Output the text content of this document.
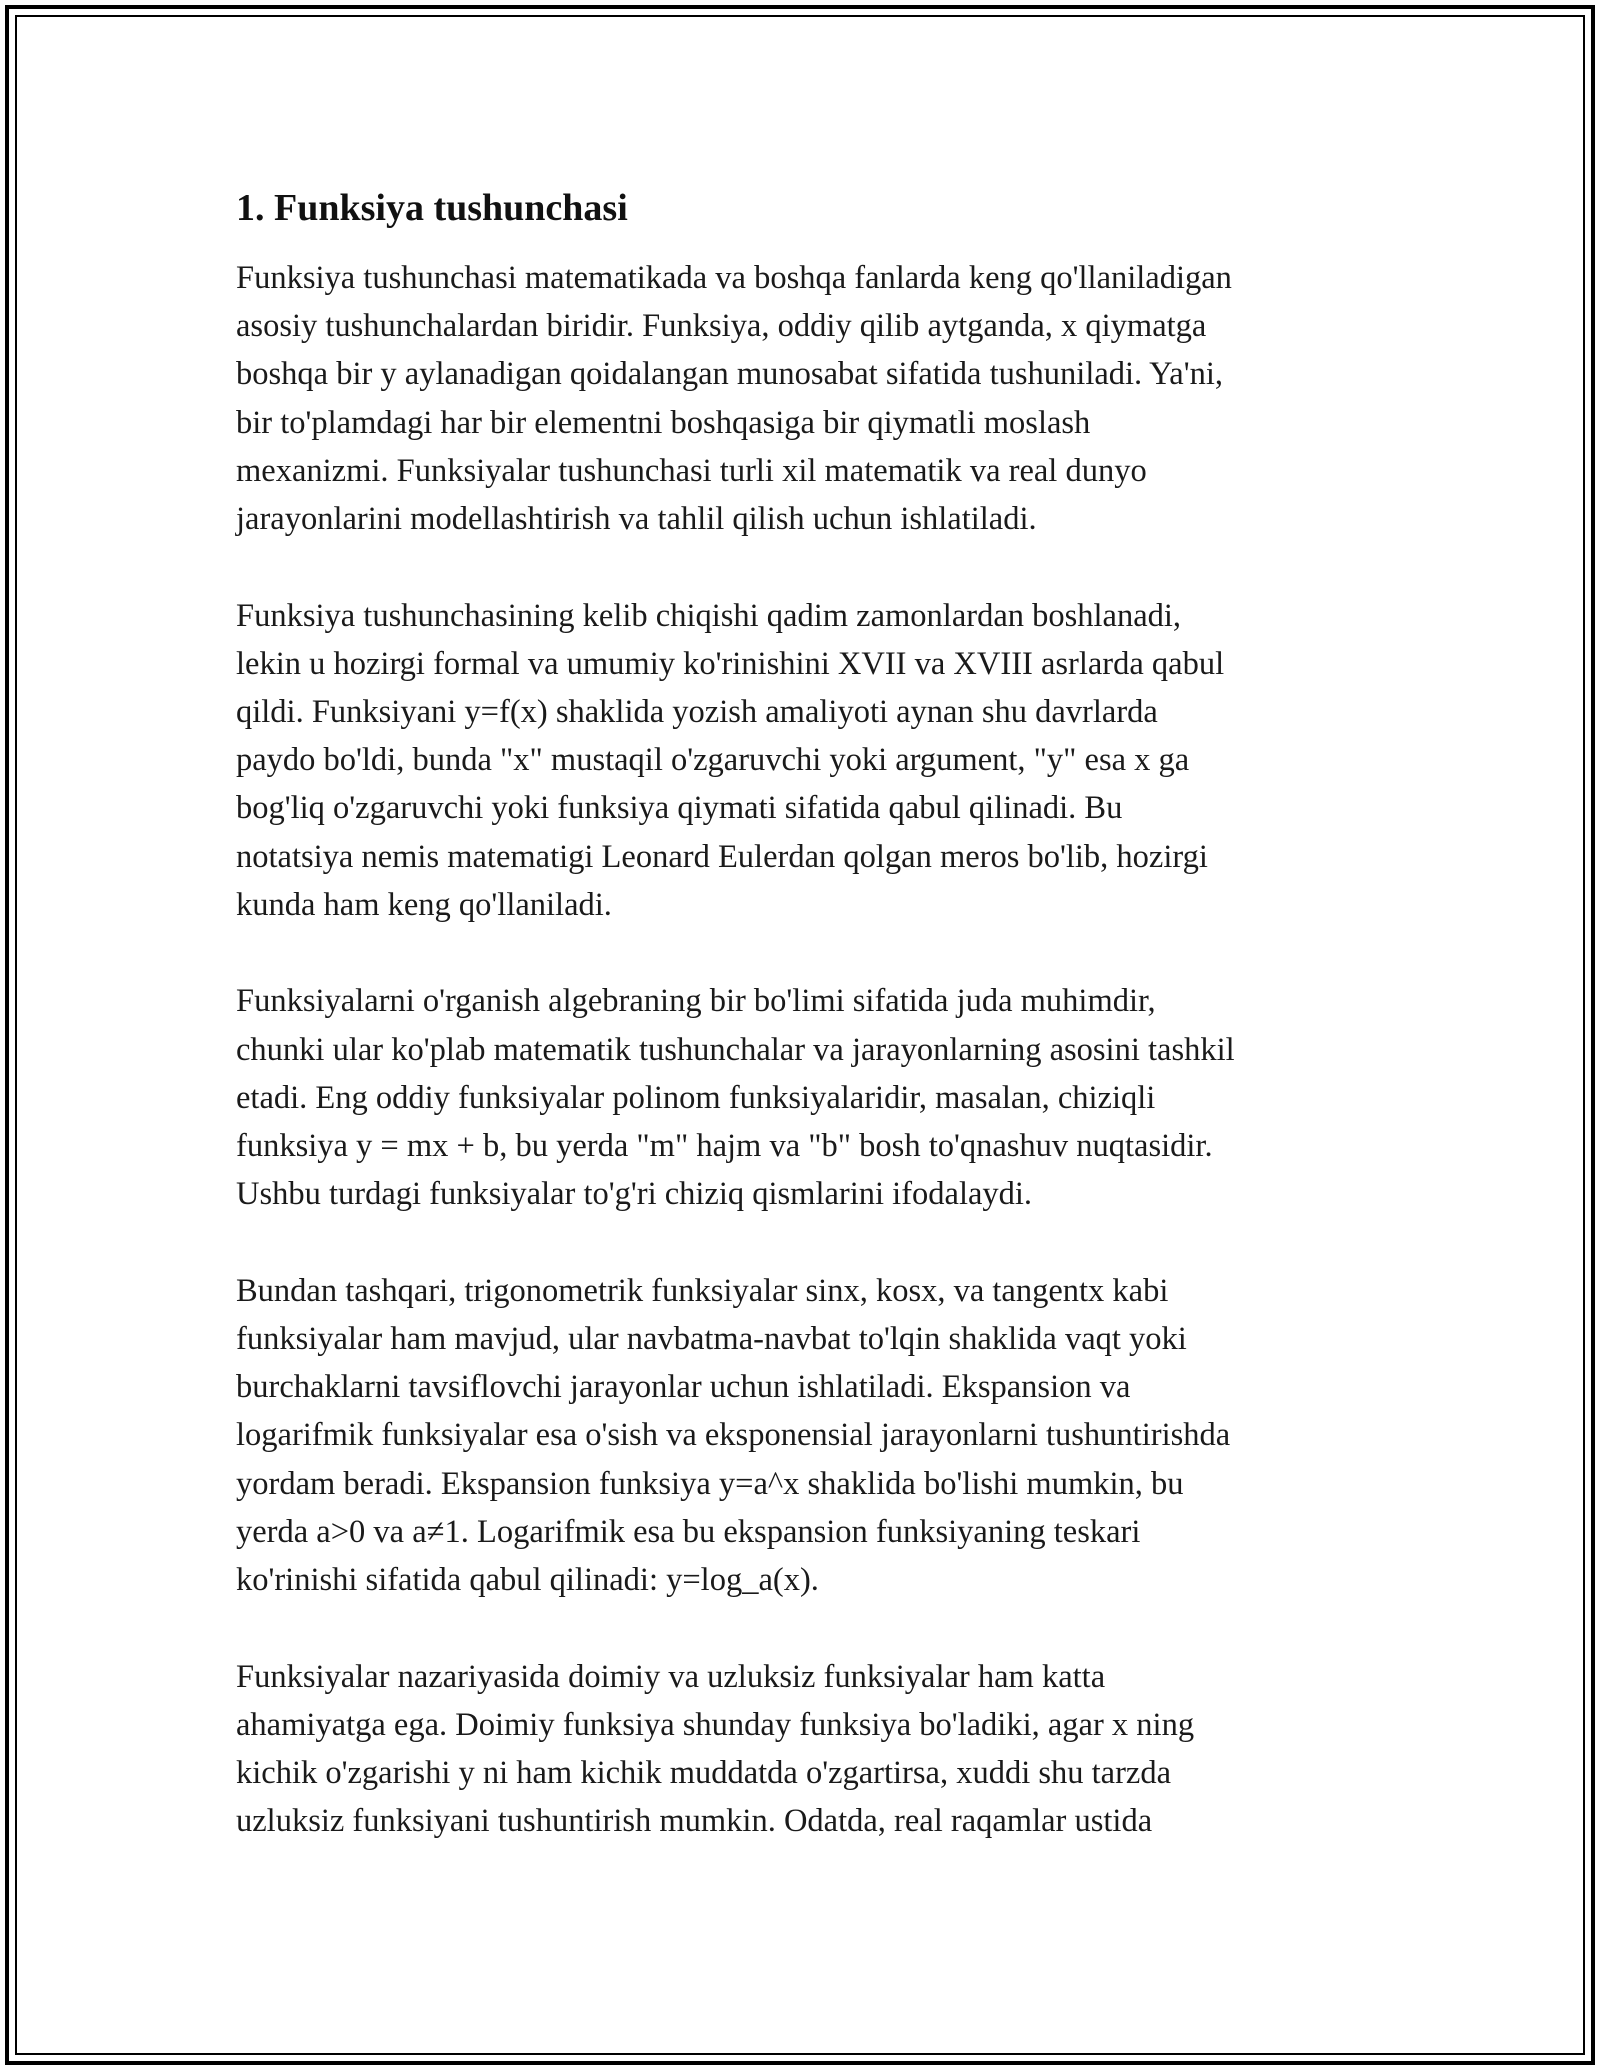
1. Funksiya tushunchasi
Funksiya tushunchasi matematikada va boshqa fanlarda keng qo'llaniladigan
asosiy tushunchalardan biridir. Funksiya, oddiy qilib aytganda, x qiymatga
boshqa bir y aylanadigan qoidalangan munosabat sifatida tushuniladi. Ya'ni,
bir to'plamdagi har bir elementni boshqasiga bir qiymatli moslash
mexanizmi. Funksiyalar tushunchasi turli xil matematik va real dunyo
jarayonlarini modellashtirish va tahlil qilish uchun ishlatiladi.
Funksiya tushunchasining kelib chiqishi qadim zamonlardan boshlanadi,
lekin u hozirgi formal va umumiy ko'rinishini XVII va XVIII asrlarda qabul
qildi. Funksiyani y=f(x) shaklida yozish amaliyoti aynan shu davrlarda
paydo bo'ldi, bunda "x" mustaqil o'zgaruvchi yoki argument, "y" esa x ga
bog'liq o'zgaruvchi yoki funksiya qiymati sifatida qabul qilinadi. Bu
notatsiya nemis matematigi Leonard Eulerdan qolgan meros bo'lib, hozirgi
kunda ham keng qo'llaniladi.
Funksiyalarni o'rganish algebraning bir bo'limi sifatida juda muhimdir,
chunki ular ko'plab matematik tushunchalar va jarayonlarning asosini tashkil
etadi. Eng oddiy funksiyalar polinom funksiyalaridir, masalan, chiziqli
funksiya y = mx + b, bu yerda "m" hajm va "b" bosh to'qnashuv nuqtasidir.
Ushbu turdagi funksiyalar to'g'ri chiziq qismlarini ifodalaydi.
Bundan tashqari, trigonometrik funksiyalar sinx, kosx, va tangentx kabi
funksiyalar ham mavjud, ular navbatma-navbat to'lqin shaklida vaqt yoki
burchaklarni tavsiflovchi jarayonlar uchun ishlatiladi. Ekspansion va
logarifmik funksiyalar esa o'sish va eksponensial jarayonlarni tushuntirishda
yordam beradi. Ekspansion funksiya y=a^x shaklida bo'lishi mumkin, bu
yerda a>0 va a≠1. Logarifmik esa bu ekspansion funksiyaning teskari
ko'rinishi sifatida qabul qilinadi: y=log_a(x).
Funksiyalar nazariyasida doimiy va uzluksiz funksiyalar ham katta
ahamiyatga ega. Doimiy funksiya shunday funksiya bo'ladiki, agar x ning
kichik o'zgarishi y ni ham kichik muddatda o'zgartirsa, xuddi shu tarzda
uzluksiz funksiyani tushuntirish mumkin. Odatda, real raqamlar ustida
